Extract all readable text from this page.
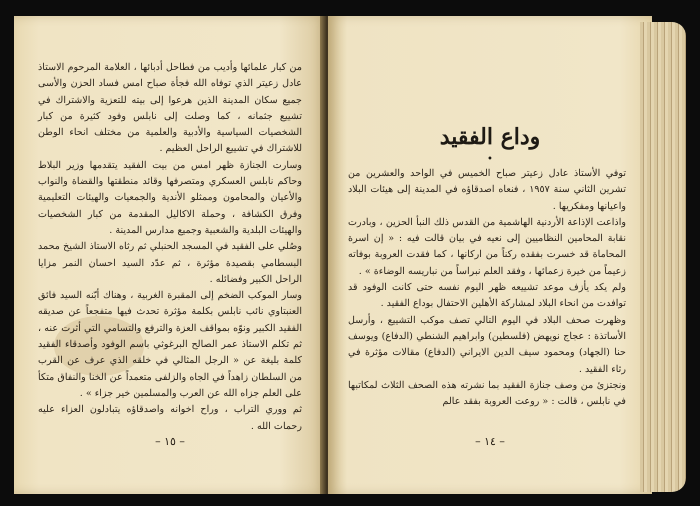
من كبار علمائها وأديب من فطاحل أدبائها ، العلامة المرحوم الاستاذ عادل زعيتر الذي توفاه الله فجأة صباح امس فساد الحزن والأسى جميع سكان المدينة الذين هرعوا إلى بيته للتعزية والاشتراك في تشييع جثمانه ، كما وصلت إلى نابلس وفود كثيرة من كبار الشخصيات السياسية والأدبية والعلمية من مختلف انحاء الوطن للاشتراك في تشييع الراحل العظيم .

وسارت الجنازة ظهر امس من بيت الفقيد يتقدمها وزير البلاط وحاكم نابلس العسكري ومتصرفها وقائد منطقتها والقضاة والنواب والأعيان والمحامون وممثلو الأندية والجمعيات والهيئات التعليمية وفرق الكشافة ، وحملة الاكاليل المقدمة من كبار الشخصيات والهيئات البلدية والشعبية وجميع مدارس المدينة .

وصُلي على الفقيد في المسجد الحنبلي ثم رثاه الاستاذ الشيخ محمد البسطامي بقصيدة مؤثرة ، ثم عدّد السيد احسان النمر مزايا الراحل الكبير وفضائله .

وسار الموكب الضخم إلى المقبرة الغربية ، وهناك أبّنه السيد فائق العنبتاوي نائب نابلس بكلمة مؤثرة تحدث فيها متفجعاً عن صديقه الفقيد الكبير ونوّه بمواقف العزة والترفع والتسامي التي أثرت عنه ، ثم تكلم الاستاذ عمر الصالح البرغوثي باسم الوفود وأصدقاء الفقيد كلمة بليغة عن « الرجل المثالي في خلقه الذي عرف عن القرب من السلطان زاهداً في الجاه والزلفى متعمداً عن الخنا والنفاق متكأ على العلم جزاه الله عن العرب والمسلمين خير جزاء » .

ثم ووري التراب ، وراح اخوانه واصدقاؤه يتبادلون العزاء عليه رحمات الله .

– ١٥ –
وداع الفقيد
•

توفي الأستاذ عادل زعيتر صباح الخميس في الواحد والعشرين من تشرين الثاني سنة ١٩٥٧ ، فنعاه اصدقاؤه في المدينة إلى هيئات البلاد واعيانها ومفكريها .

واذاعت الإذاعة الأردنية الهاشمية من القدس ذلك النبأ الحزين ، وبادرت نقابة المحامين النظاميين إلى نعيه في بيان قالت فيه : « إن اسرة المحاماة قد خسرت بفقده ركناً من اركانها ، كما فقدت العروبة بوفاته زعيماً من خيرة زعمائها ، وفقد العلم نبراساً من نباريسه الوضاءة » .

ولم يكد يأزف موعد تشييعه ظهر اليوم نفسه حتى كانت الوفود قد توافدت من انحاء البلاد لمشاركة الأهلين الاحتفال بوداع الفقيد .

وظهرت صحف البلاد في اليوم التالي تصف موكب التشييع ، وأرسل الأساتذة : عجاج نويهض (فلسطين) وابراهيم الشنطي (الدفاع) ويوسف حنا (الجهاد) ومحمود سيف الدين الايراني (الدفاع) مقالات مؤثرة في رثاء الفقيد .

ونجتزئ من وصف جنازة الفقيد بما نشرته هذه الصحف الثلاث لمكاتبها في نابلس ، قالت : « روعت العروبة بفقد عالم

– ١٤ –
